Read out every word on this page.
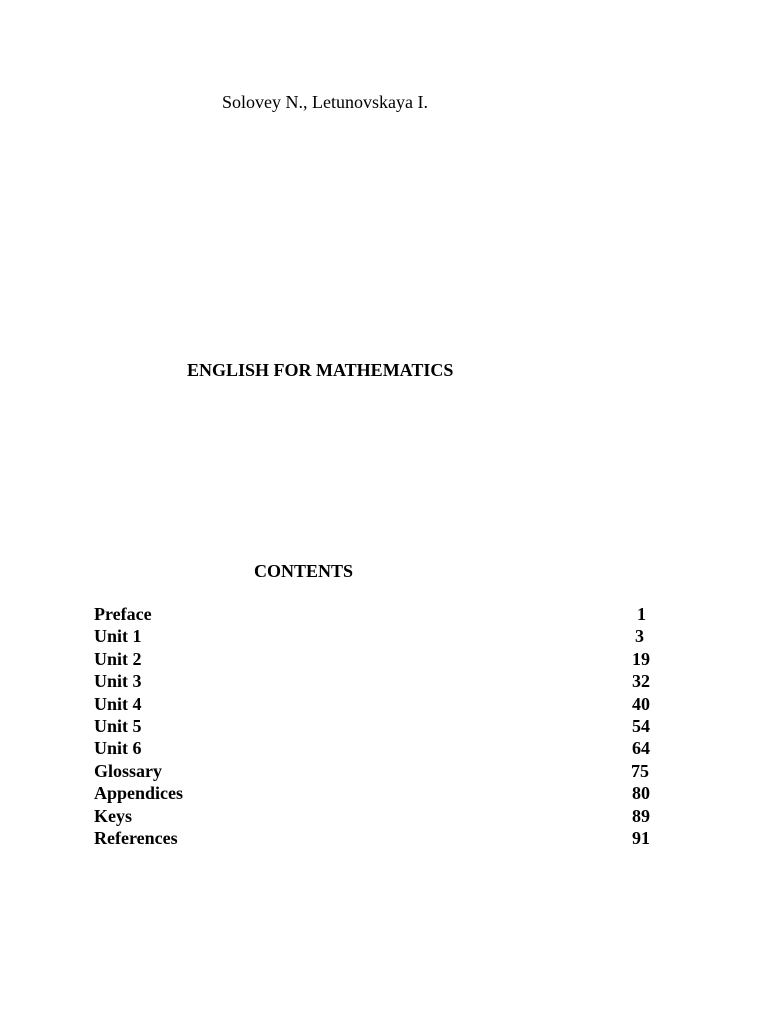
Solovey N., Letunovskaya I.
ENGLISH FOR MATHEMATICS
CONTENTS
Preface	1
Unit 1	3
Unit 2	19
Unit 3	32
Unit 4	40
Unit 5	54
Unit 6	64
Glossary	75
Appendices	80
Keys	89
References	91
